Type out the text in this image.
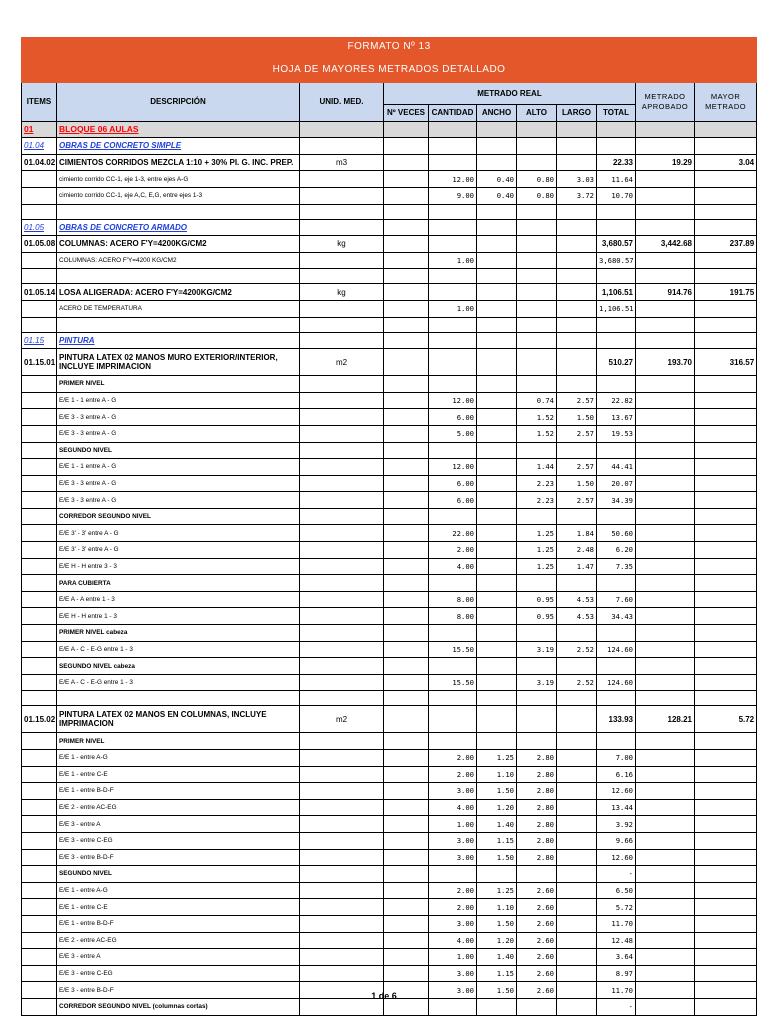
FORMATO Nº 13										
HOJA DE MAYORES METRADOS DETALLADO										
ITEMS	DESCRIPCIÓN	UNID. MED.	METRADO REAL						METRADO APROBADO	MAYOR METRADO
			Nº VECES	CANTIDAD	ANCHO	ALTO	LARGO	TOTAL		
01	BLOQUE 06 AULAS									
01.04	OBRAS DE CONCRETO SIMPLE									
01.04.02	CIMIENTOS CORRIDOS MEZCLA 1:10 + 30% PI. G. INC. PREP.	m3						22.33	19.29	3.04
	cimiento corrido CC-1, eje 1-3, entre ejes A-G			12.00	0.40	0.80	3.03	11.64		
	cimiento corrido CC-1, eje A,C, E,G, entre ejes 1-3			9.00	0.40	0.80	3.72	10.70		

01.05	OBRAS DE CONCRETO ARMADO									
01.05.08	COLUMNAS: ACERO F'Y=4200KG/CM2	kg						3,680.57	3,442.68	237.89
	COLUMNAS: ACERO F'Y=4200 KG/CM2			1.00				3,680.57		

01.05.14	LOSA ALIGERADA: ACERO F'Y=4200KG/CM2	kg						1,106.51	914.76	191.75
	ACERO DE TEMPERATURA			1.00				1,106.51		

01.15	PINTURA									
01.15.01	PINTURA LATEX 02 MANOS MURO EXTERIOR/INTERIOR, INCLUYE IMPRIMACION	m2						510.27	193.70	316.57
	PRIMER NIVEL									
	E/E 1 - 1 entre A - G			12.00		0.74	2.57	22.82		
	E/E 3 - 3 entre A - G			6.00		1.52	1.50	13.67		
	E/E 3 - 3 entre A - G			5.00		1.52	2.57	19.53		
	SEGUNDO NIVEL									
	E/E 1 - 1 entre A - G			12.00		1.44	2.57	44.41		
	E/E 3 - 3 entre A - G			6.00		2.23	1.50	20.07		
	E/E 3 - 3 entre A - G			6.00		2.23	2.57	34.39		
	CORREDOR SEGUNDO NIVEL									
	E/E 3' - 3' entre A - G			22.00		1.25	1.84	50.60		
	E/E 3' - 3' entre A - G			2.00		1.25	2.48	6.20		
	E/E H - H entre 3 - 3			4.00		1.25	1.47	7.35		
	PARA CUBIERTA									
	E/E A - A entre 1 - 3			8.00		0.95	4.53	7.60		
	E/E H - H entre 1 - 3			8.00		0.95	4.53	34.43		
	PRIMER NIVEL cabeza									
	E/E A - C - E-G entre 1 - 3			15.50		3.19	2.52	124.60		
	SEGUNDO NIVEL cabeza									
	E/E A - C - E-G entre 1 - 3			15.50		3.19	2.52	124.60		

01.15.02	PINTURA LATEX 02 MANOS EN COLUMNAS, INCLUYE IMPRIMACION	m2						133.93	128.21	5.72
	PRIMER NIVEL									
	E/E 1 - entre A-G			2.00	1.25	2.80		7.00		
	E/E 1 - entre C-E			2.00	1.10	2.80		6.16		
	E/E 1 - entre B-D-F			3.00	1.50	2.80		12.60		
	E/E 2 - entre AC-EG			4.00	1.20	2.80		13.44		
	E/E 3 - entre A			1.00	1.40	2.80		3.92		
	E/E 3 - entre C-EG			3.00	1.15	2.80		9.66		
	E/E 3 - entre B-D-F			3.00	1.50	2.80		12.60		
	SEGUNDO NIVEL							-		
	E/E 1 - entre A-G			2.00	1.25	2.60		6.50		
	E/E 1 - entre C-E			2.00	1.10	2.60		5.72		
	E/E 1 - entre B-D-F			3.00	1.50	2.60		11.70		
	E/E 2 - entre AC-EG			4.00	1.20	2.60		12.48		
	E/E 3 - entre A			1.00	1.40	2.60		3.64		
	E/E 3 - entre C-EG			3.00	1.15	2.60		8.97		
	E/E 3 - entre B-D-F			3.00	1.50	2.60		11.70		
	CORREDOR SEGUNDO NIVEL (columnas cortas)							-		
1 de 6
